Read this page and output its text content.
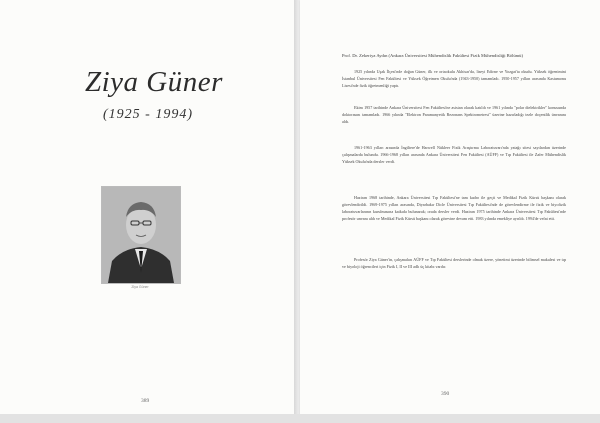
Ziya Güner
(1925 - 1994)
Ziya Güner
389
Prof. Dr. Zekeriya Aydın (Ankara Üniversitesi Mühendislik Fakültesi Fizik Mühendisliği Bölümü)
1925 yılında Uşak İlçesi'nde doğan Güner, ilk ve ortaokulu Akhisar'da, liseyi Edirne ve Yozgat'ta okudu. Yüksek öğrenimini İstanbul Üniversitesi Fen Fakültesi ve Yüksek Öğretmen Okulu'nda (1943-1950) tamamladı. 1950-1957 yılları arasında Kastamonu Lisesi'nde fizik öğretmenliği yaptı.
Ekim 1957 tarihinde Ankara Üniversitesi Fen Fakültesi'ne asistan olarak katıldı ve 1961 yılında "polar dielektrikler" konusunda doktorasını tamamladı. 1966 yılında "Elektron Paramanyetik Rezonans Spektrometresi" üzerine hazırladığı tezle doçentlik ünvanını aldı.
1961-1963 yılları arasında İngiltere'de Harwell Nükleer Fizik Araştırma Laboratuvarı'nda yatağı sitesi sayılardan üzerinde çalışmalarda bulundu. 1966-1968 yılları arasında Ankara Üniversitesi Fen Fakültesi (AÜFF) ve Tıp Fakültesi ile Zafer Mühendislik Yüksek Okulu'nda dersler verdi.
Haziran 1968 tarihinde, Ankara Üniversitesi Tıp Fakültesi'ne tam kadro ile geçti ve Medikal Fizik Kürsü başkanı olarak görevlendirildi. 1969-1975 yılları arasında, Diyarbakır Dicle Üniversitesi Tıp Fakültesi'nde de görevlendirme ile fizik ve biyofizik laboratuvarlarının kurulmasına katkıda bulunarak; orada dersler verdi. Haziran 1975 tarihinde Ankara Üniversitesi Tıp Fakültesi'nde profesör unvanı aldı ve Medikal Fizik Kürsü başkanı olarak görevine devam etti. 1983 yılında emekliye ayrıldı. 1994'de vefat etti.
Profesör Ziya Güner'in, çalışmaları AÜFF ve Tıp Fakültesi derslerinde olmak üzere, yönetimi üzerinde bilimsel makalesi ve tıp ve biyoloji öğrencileri için Fizik I, II ve III adlı üç kitabı vardır.
390
